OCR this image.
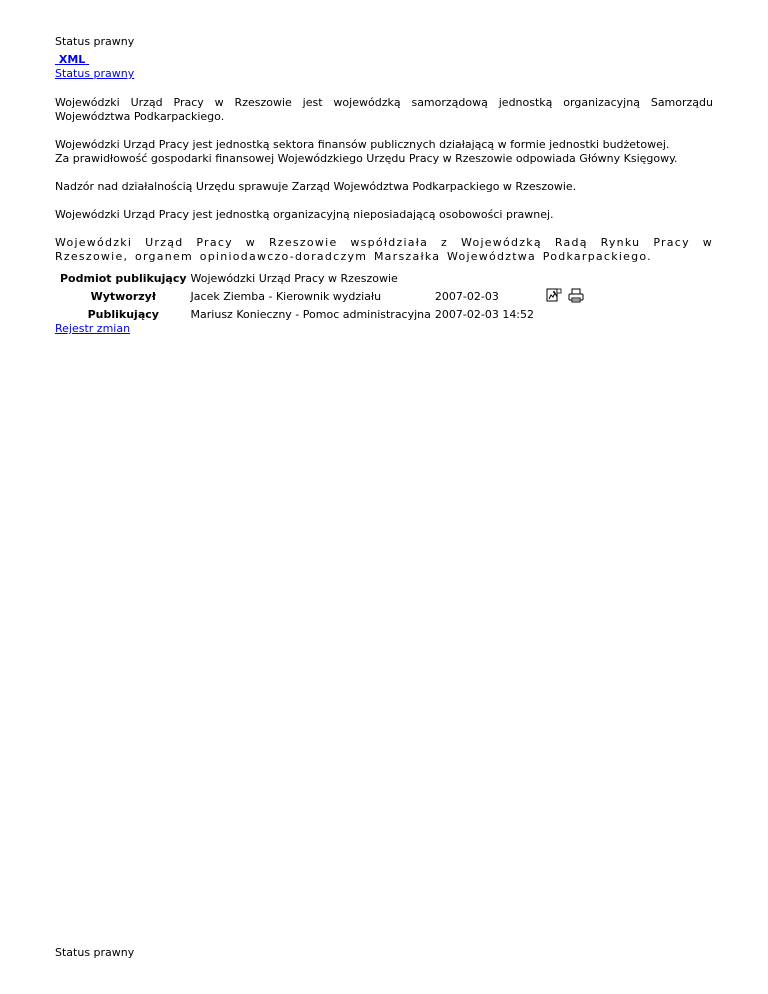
Status prawny
XML
Status prawny

Wojewódzki Urząd Pracy w Rzeszowie jest wojewódzką samorządową jednostką organizacyjną Samorządu Województwa Podkarpackiego.

Wojewódzki Urząd Pracy jest jednostką sektora finansów publicznych działającą w formie jednostki budżetowej.
Za prawidłowość gospodarki finansowej Wojewódzkiego Urzędu Pracy w Rzeszowie odpowiada Główny Księgowy.

Nadzór nad działalnością Urzędu sprawuje Zarząd Województwa Podkarpackiego w Rzeszowie.

Wojewódzki Urząd Pracy jest jednostką organizacyjną nieposiadającą osobowości prawnej.

Wojewódzki Urząd Pracy w Rzeszowie współdziała z Wojewódzką Radą Rynku Pracy w Rzeszowie, organem opiniodawczo-doradczym Marszałka Województwa Podkarpackiego.

Podmiot publikujący	Wojewódzki Urząd Pracy w Rzeszowie		
Wytworzył	Jacek Ziemba - Kierownik wydziału	2007-02-03	
Publikujący	Mariusz Konieczny - Pomoc administracyjna	2007-02-03 14:52	
Rejestr zmian
Status prawny
